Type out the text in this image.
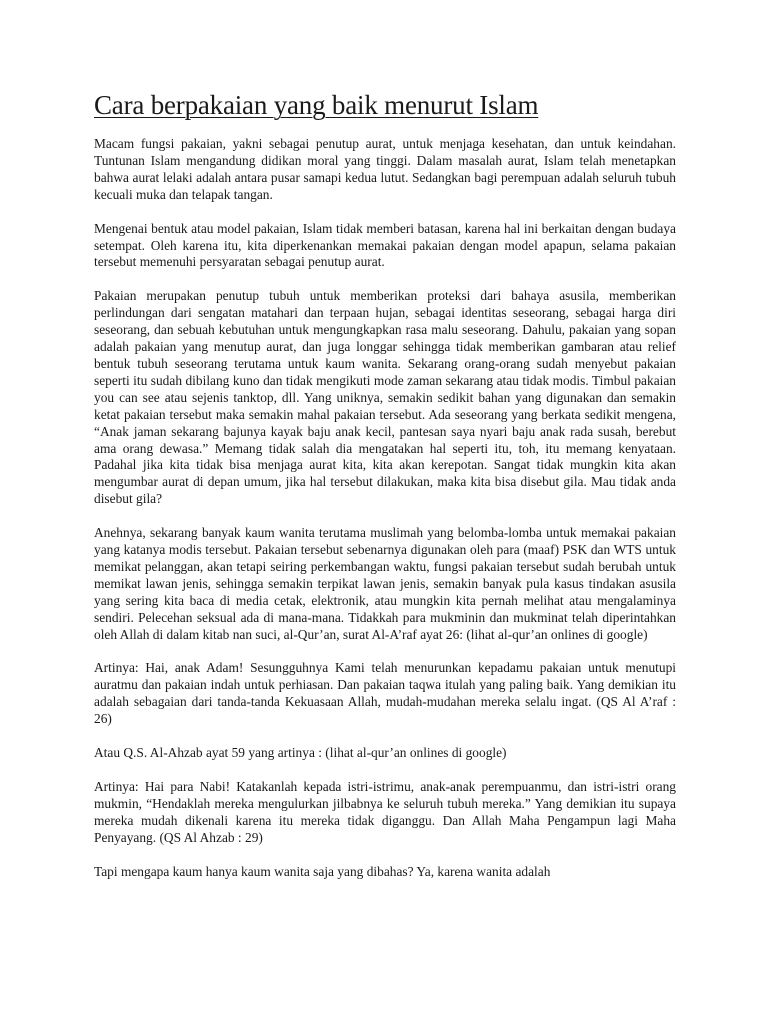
Cara berpakaian yang baik menurut Islam

Macam fungsi pakaian, yakni sebagai penutup aurat, untuk menjaga kesehatan, dan untuk keindahan. Tuntunan Islam mengandung didikan moral yang tinggi. Dalam masalah aurat, Islam telah menetapkan bahwa aurat lelaki adalah antara pusar samapi kedua lutut. Sedangkan bagi perempuan adalah seluruh tubuh kecuali muka dan telapak tangan.

Mengenai bentuk atau model pakaian, Islam tidak memberi batasan, karena hal ini berkaitan dengan budaya setempat. Oleh karena itu, kita diperkenankan memakai pakaian dengan model apapun, selama pakaian tersebut memenuhi persyaratan sebagai penutup aurat.

Pakaian merupakan penutup tubuh untuk memberikan proteksi dari bahaya asusila, memberikan perlindungan dari sengatan matahari dan terpaan hujan, sebagai identitas seseorang, sebagai harga diri seseorang, dan sebuah kebutuhan untuk mengungkapkan rasa malu seseorang. Dahulu, pakaian yang sopan adalah pakaian yang menutup aurat, dan juga longgar sehingga tidak memberikan gambaran atau relief bentuk tubuh seseorang terutama untuk kaum wanita. Sekarang orang-orang sudah menyebut pakaian seperti itu sudah dibilang kuno dan tidak mengikuti mode zaman sekarang atau tidak modis. Timbul pakaian you can see atau sejenis tanktop, dll. Yang uniknya, semakin sedikit bahan yang digunakan dan semakin ketat pakaian tersebut maka semakin mahal pakaian tersebut. Ada seseorang yang berkata sedikit mengena, “Anak jaman sekarang bajunya kayak baju anak kecil, pantesan saya nyari baju anak rada susah, berebut ama orang dewasa.” Memang tidak salah dia mengatakan hal seperti itu, toh, itu memang kenyataan. Padahal jika kita tidak bisa menjaga aurat kita, kita akan kerepotan. Sangat tidak mungkin kita akan mengumbar aurat di depan umum, jika hal tersebut dilakukan, maka kita bisa disebut gila. Mau tidak anda disebut gila?

Anehnya, sekarang banyak kaum wanita terutama muslimah yang belomba-lomba untuk memakai pakaian yang katanya modis tersebut. Pakaian tersebut sebenarnya digunakan oleh para (maaf) PSK dan WTS untuk memikat pelanggan, akan tetapi seiring perkembangan waktu, fungsi pakaian tersebut sudah berubah untuk memikat lawan jenis, sehingga semakin terpikat lawan jenis, semakin banyak pula kasus tindakan asusila yang sering kita baca di media cetak, elektronik, atau mungkin kita pernah melihat atau mengalaminya sendiri. Pelecehan seksual ada di mana-mana. Tidakkah para mukminin dan mukminat telah diperintahkan oleh Allah di dalam kitab nan suci, al-Qur’an, surat Al-A’raf ayat 26: (lihat al-qur’an onlines di google)

Artinya: Hai, anak Adam! Sesungguhnya Kami telah menurunkan kepadamu pakaian untuk menutupi auratmu dan pakaian indah untuk perhiasan. Dan pakaian taqwa itulah yang paling baik. Yang demikian itu adalah sebagaian dari tanda-tanda Kekuasaan Allah, mudah-mudahan mereka selalu ingat. (QS Al A’raf : 26)

Atau Q.S. Al-Ahzab ayat 59 yang artinya : (lihat al-qur’an onlines di google)

Artinya: Hai para Nabi! Katakanlah kepada istri-istrimu, anak-anak perempuanmu, dan istri-istri orang mukmin, “Hendaklah mereka mengulurkan jilbabnya ke seluruh tubuh mereka.” Yang demikian itu supaya mereka mudah dikenali karena itu mereka tidak diganggu. Dan Allah Maha Pengampun lagi Maha Penyayang. (QS Al Ahzab : 29)

Tapi mengapa kaum hanya kaum wanita saja yang dibahas? Ya, karena wanita adalah
